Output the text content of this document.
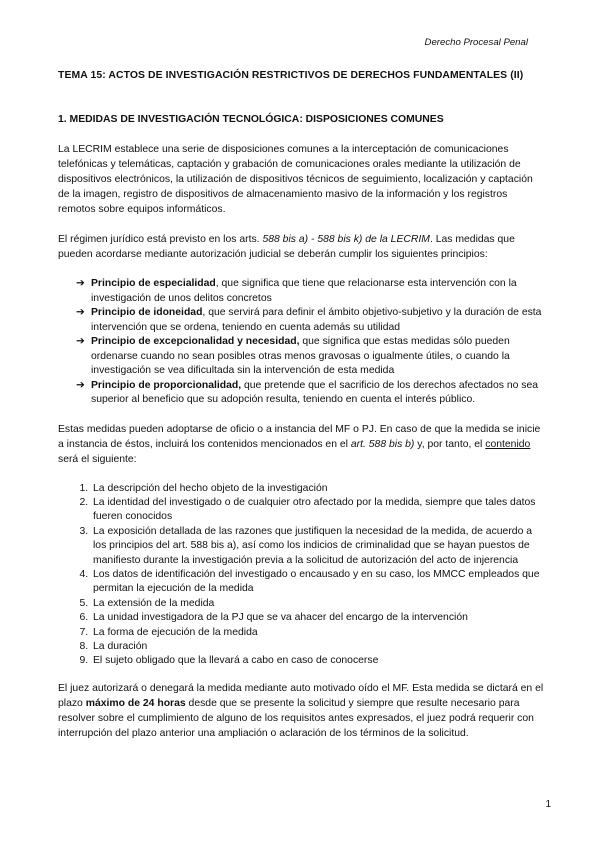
Derecho Procesal Penal
TEMA 15: ACTOS DE INVESTIGACIÓN RESTRICTIVOS DE DERECHOS FUNDAMENTALES (II)
1. MEDIDAS DE INVESTIGACIÓN TECNOLÓGICA: DISPOSICIONES COMUNES

La LECRIM establece una serie de disposiciones comunes a la interceptación de comunicaciones telefónicas y telemáticas, captación y grabación de comunicaciones orales mediante la utilización de dispositivos electrónicos, la utilización de dispositivos técnicos de seguimiento, localización y captación de la imagen, registro de dispositivos de almacenamiento masivo de la información y los registros remotos sobre equipos informáticos.

El régimen jurídico está previsto en los arts. 588 bis a) - 588 bis k) de la LECRIM. Las medidas que pueden acordarse mediante autorización judicial se deberán cumplir los siguientes principios:

➔ Principio de especialidad, que significa que tiene que relacionarse esta intervención con la investigación de unos delitos concretos
➔ Principio de idoneidad, que servirá para definir el ámbito objetivo-subjetivo y la duración de esta intervención que se ordena, teniendo en cuenta además su utilidad
➔ Principio de excepcionalidad y necesidad, que significa que estas medidas sólo pueden ordenarse cuando no sean posibles otras menos gravosas o igualmente útiles, o cuando la investigación se vea dificultada sin la intervención de esta medida
➔ Principio de proporcionalidad, que pretende que el sacrificio de los derechos afectados no sea superior al beneficio que su adopción resulta, teniendo en cuenta el interés público.

Estas medidas pueden adoptarse de oficio o a instancia del MF o PJ. En caso de que la medida se inicie a instancia de éstos, incluirá los contenidos mencionados en el art. 588 bis b) y, por tanto, el contenido será el siguiente:

1. La descripción del hecho objeto de la investigación
2. La identidad del investigado o de cualquier otro afectado por la medida, siempre que tales datos fueren conocidos
3. La exposición detallada de las razones que justifiquen la necesidad de la medida, de acuerdo a los principios del art. 588 bis a), así como los indicios de criminalidad que se hayan puestos de manifiesto durante la investigación previa a la solicitud de autorización del acto de injerencia
4. Los datos de identificación del investigado o encausado y en su caso, los MMCC empleados que permitan la ejecución de la medida
5. La extensión de la medida
6. La unidad investigadora de la PJ que se va ahacer del encargo de la intervención
7. La forma de ejecución de la medida
8. La duración
9. El sujeto obligado que la llevará a cabo en caso de conocerse

El juez autorizará o denegará la medida mediante auto motivado oído el MF. Esta medida se dictará en el plazo máximo de 24 horas desde que se presente la solicitud y siempre que resulte necesario para resolver sobre el cumplimiento de alguno de los requisitos antes expresados, el juez podrá requerir con interrupción del plazo anterior una ampliación o aclaración de los términos de la solicitud.

1
